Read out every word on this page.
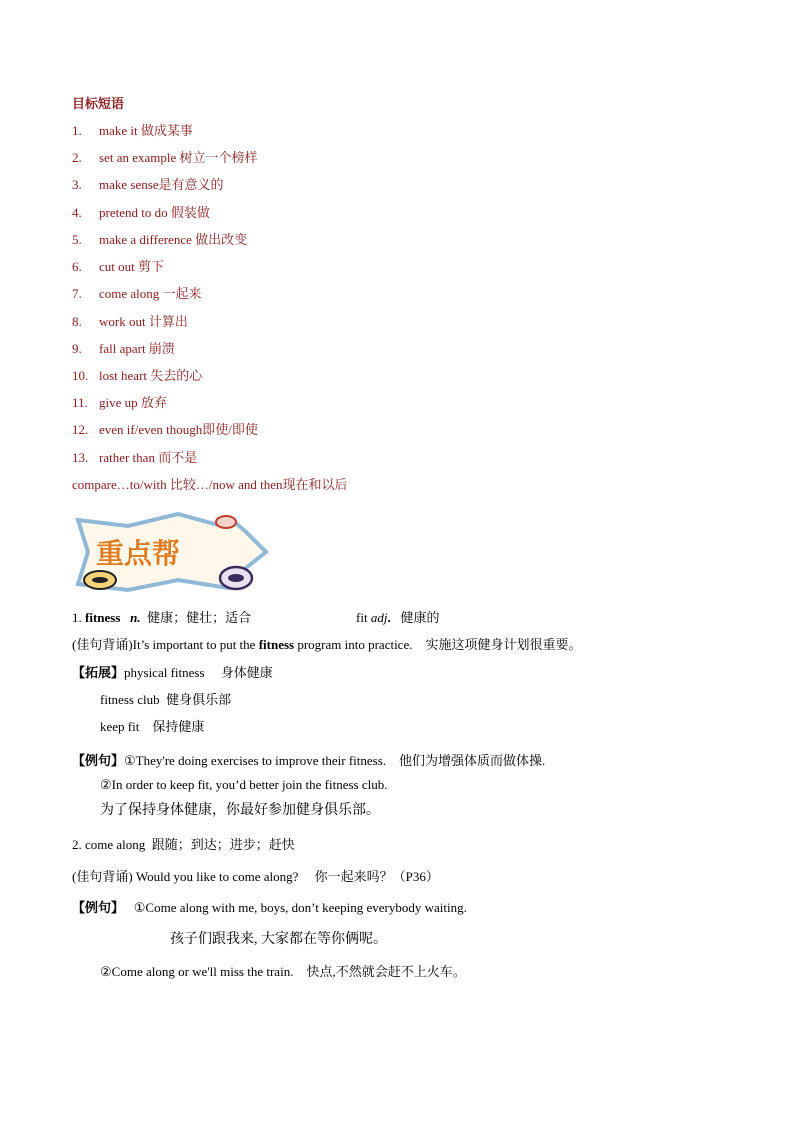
目标短语
1. make it 做成某事
2. set an example 树立一个榜样
3. make sense是有意义的
4. pretend to do 假装做
5. make a difference 做出改变
6. cut out 剪下
7. come along 一起来
8. work out 计算出
9. fall apart 崩溃
10. lost heart 失去的心
11. give up 放弃
12. even if/even though即使/即使
13. rather than 而不是
compare…to/with 比较…/now and then现在和以后
重点帮
1. fitness n. 健康；健壮；适合	fit adj. 健康的
(佳句背诵)It’s important to put the fitness program into practice. 实施这项健身计划很重要。
【拓展】physical fitness 身体健康
fitness club 健身俱乐部
keep fit 保持健康
【例句】①They're doing exercises to improve their fitness. 他们为增强体质而做体操.
②In order to keep fit, you’d better join the fitness club.
为了保持身体健康，你最好参加健身俱乐部。
2. come along 跟随；到达；进步；赶快
(佳句背诵) Would you like to come along? 你一起来吗？（P36）
【例句】 ①Come along with me, boys, don’t keeping everybody waiting.
孩子们跟我来, 大家都在等你俩呢。
②Come along or we'll miss the train. 快点,不然就会赶不上火车。
